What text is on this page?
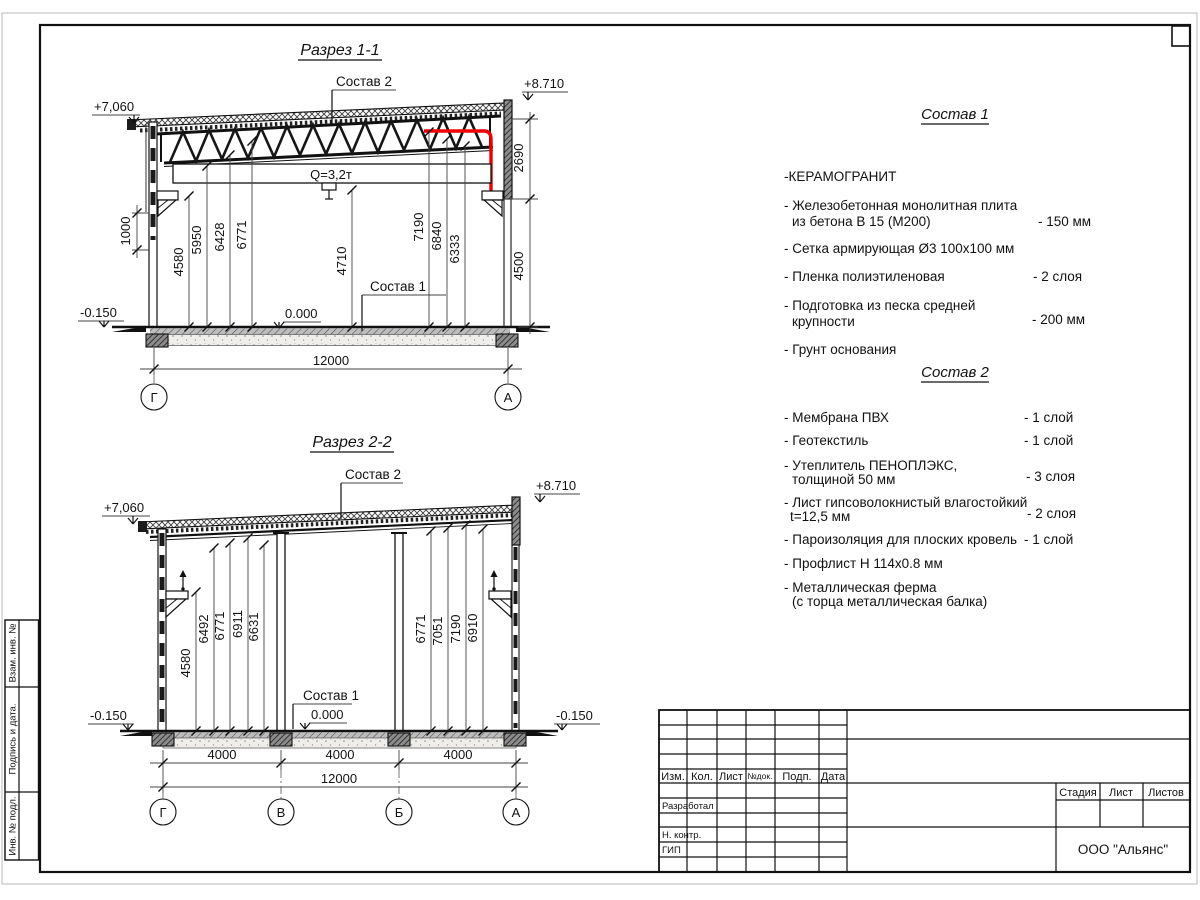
Взам. инв. №
Подпись и дата.
Инв. № подл.
Изм. Кол. Лист №док. Подп. Дата
Разработал
Н. контр.
ГИП
Стадия Лист Листов
ООО "Альянс"
Разрез 1-1
Q=3,2т
4580
5950 6428 6771
4710
7190 6840 6333
1000
2690
4500
+7,060
+8.710
0.000
-0.150
Состав 2
Состав 1
12000
Г	А
Разрез 2-2
4580
6492 6771 6911 6631	6771 7051 7190 6910
+7,060
+8.710
-0.150	-0.150
0.000
Состав 2
Состав 1
4000	4000	4000
12000
Г	В	Б	А
Состав 1
-КЕРАМОГРАНИТ
- Железобетонная монолитная плита
из бетона В 15 (М200)	- 150 мм
- Сетка армирующая Ø3 100х100 мм
- Пленка полиэтиленовая	- 2 слоя
- Подготовка из песка средней
крупности	- 200 мм
- Грунт основания
Состав 2
- Мембрана ПВХ	- 1 слой
- Геотекстиль	- 1 слой
- Утеплитель ПЕНОПЛЭКС,
толщиной 50 мм	- 3 слоя
- Лист гипсоволокнистый влагостойкий
t=12,5 мм	- 2 слоя
- Пароизоляция для плоских кровель - 1 слой
- Профлист Н 114х0.8 мм
- Металлическая ферма
(с торца металлическая балка)
